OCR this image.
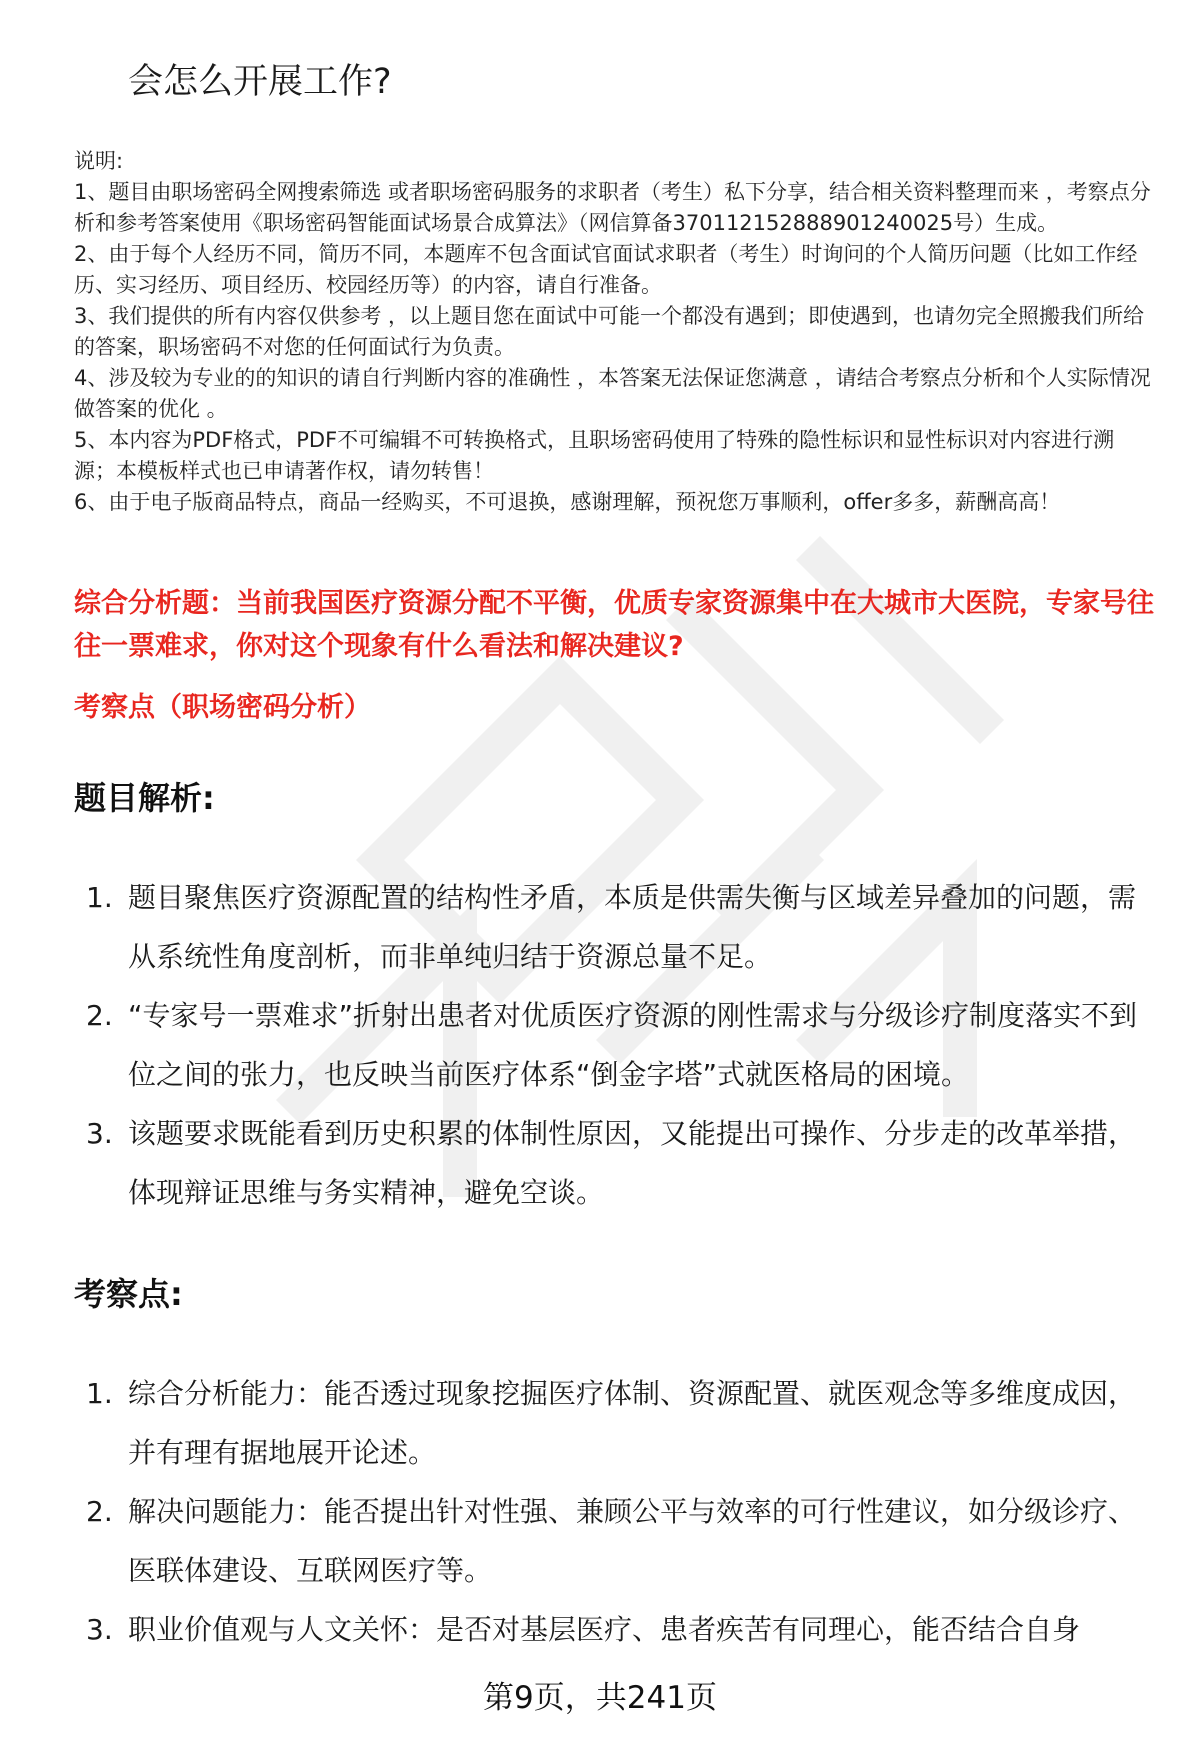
会怎么开展工作?

说明:

1、题目由职场密码全网搜索筛选 或者职场密码服务的求职者（考生）私下分享，结合相关资料整理而来 ，考察点分析和参考答案使用《职场密码智能面试场景合成算法》（网信算备370112152888901240025号）生成。

2、由于每个人经历不同，简历不同，本题库不包含面试官面试求职者（考生）时询问的个人简历问题（比如工作经历、实习经历、项目经历、校园经历等）的内容，请自行准备。

3、我们提供的所有内容仅供参考 ，以上题目您在面试中可能一个都没有遇到；即使遇到，也请勿完全照搬我们所给的答案，职场密码不对您的任何面试行为负责。

4、涉及较为专业的的知识的请自行判断内容的准确性 ，本答案无法保证您满意 ，请结合考察点分析和个人实际情况做答案的优化 。

5、本内容为PDF格式，PDF不可编辑不可转换格式，且职场密码使用了特殊的隐性标识和显性标识对内容进行溯源；本模板样式也已申请著作权，请勿转售！

6、由于电子版商品特点，商品一经购买，不可退换，感谢理解，预祝您万事顺利，offer多多，薪酬高高！

综合分析题：当前我国医疗资源分配不平衡，优质专家资源集中在大城市大医院，专家号往往一票难求，你对这个现象有什么看法和解决建议?

考察点（职场密码分析）
题目解析:
1. 题目聚焦医疗资源配置的结构性矛盾，本质是供需失衡与区域差异叠加的问题，需从系统性角度剖析，而非单纯归结于资源总量不足。
2. “专家号一票难求”折射出患者对优质医疗资源的刚性需求与分级诊疗制度落实不到位之间的张力，也反映当前医疗体系“倒金字塔”式就医格局的困境。
3. 该题要求既能看到历史积累的体制性原因，又能提出可操作、分步走的改革举措，体现辩证思维与务实精神，避免空谈。
考察点:
1. 综合分析能力：能否透过现象挖掘医疗体制、资源配置、就医观念等多维度成因，并有理有据地展开论述。
2. 解决问题能力：能否提出针对性强、兼顾公平与效率的可行性建议，如分级诊疗、医联体建设、互联网医疗等。
3. 职业价值观与人文关怀：是否对基层医疗、患者疾苦有同理心，能否结合自身
第9页，共241页
